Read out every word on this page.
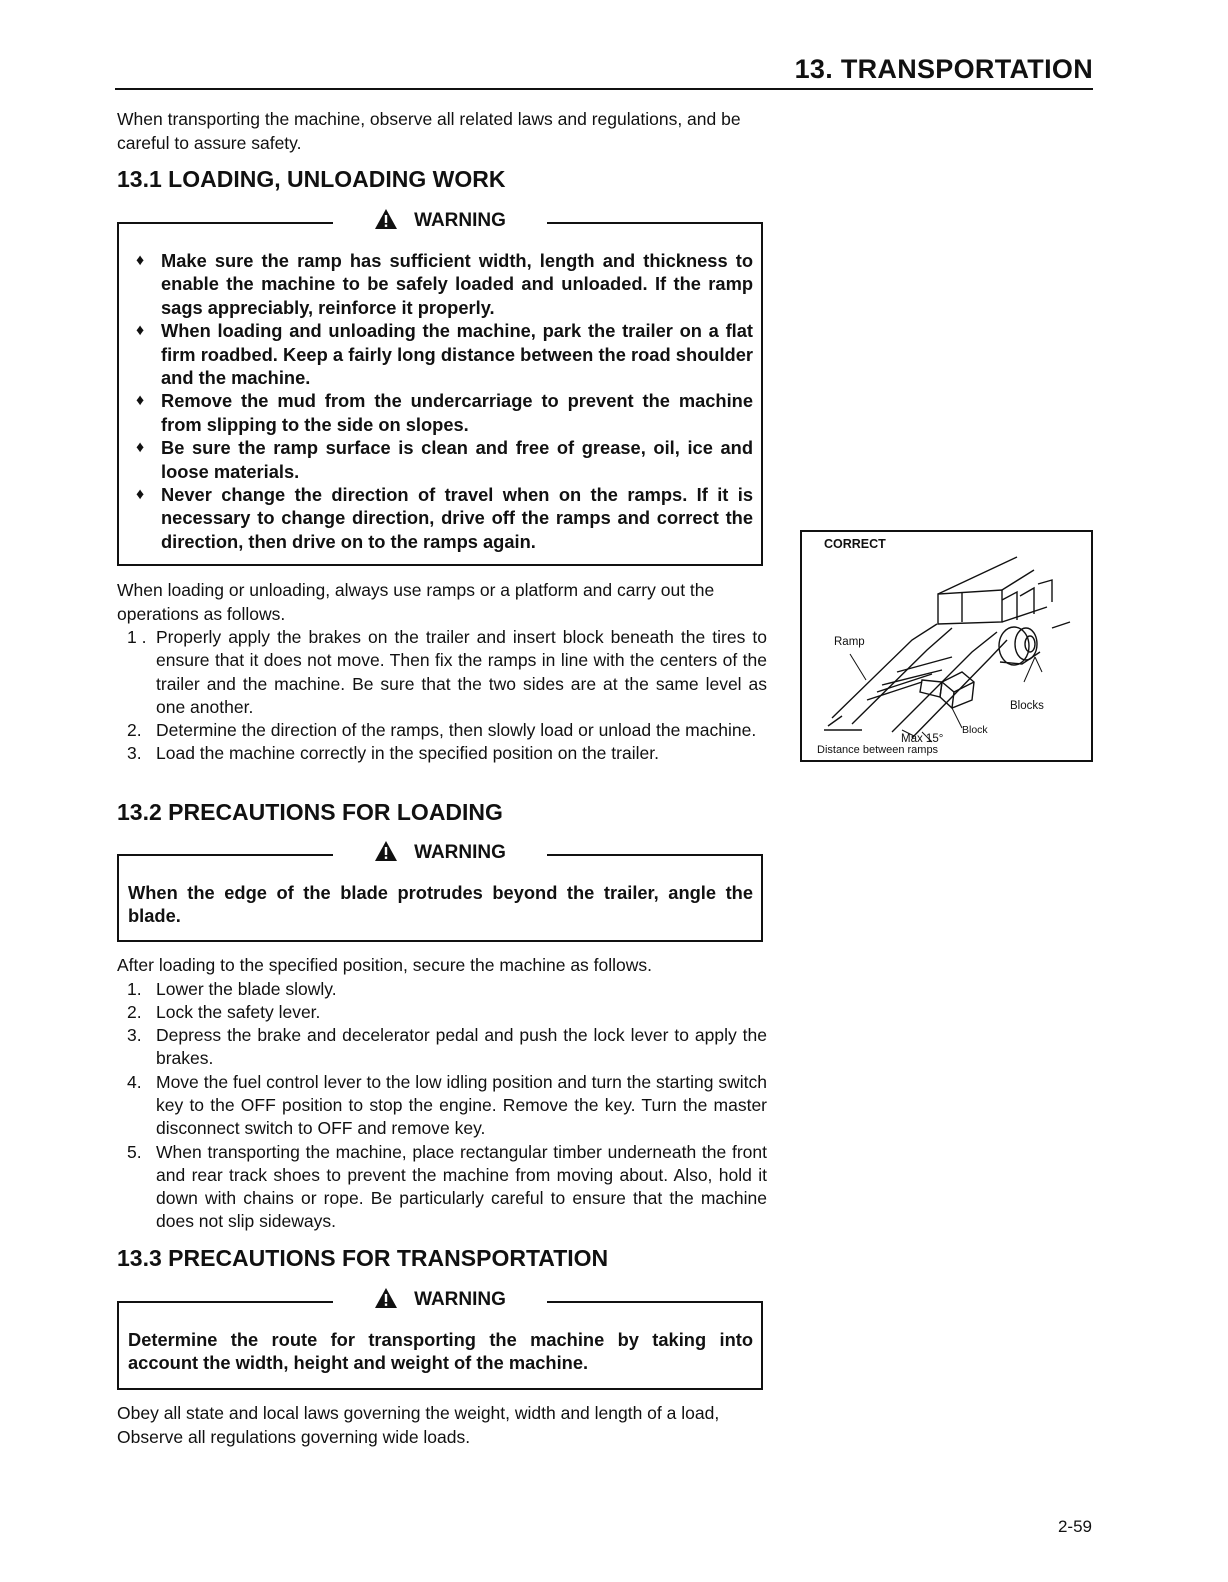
13. TRANSPORTATION

When transporting the machine, observe all related laws and regulations, and be careful to assure safety.

13.1 LOADING, UNLOADING WORK
WARNING
♦ Make sure the ramp has sufficient width, length and thickness to enable the machine to be safely loaded and unloaded. If the ramp sags appreciably, reinforce it properly.
♦ When loading and unloading the machine, park the trailer on a flat firm roadbed. Keep a fairly long distance between the road shoulder and the machine.
♦ Remove the mud from the undercarriage to prevent the machine from slipping to the side on slopes.
♦ Be sure the ramp surface is clean and free of grease, oil, ice and loose materials.
♦ Never change the direction of travel when on the ramps. If it is necessary to change direction, drive off the ramps and correct the direction, then drive on to the ramps again.

When loading or unloading, always use ramps or a platform and carry out the operations as follows.

1 . Properly apply the brakes on the trailer and insert block beneath the tires to ensure that it does not move. Then fix the ramps in line with the centers of the trailer and the machine. Be sure that the two sides are at the same level as one another.
2. Determine the direction of the ramps, then slowly load or unload the machine.
3. Load the machine correctly in the specified position on the trailer.
CORRECT
Ramp
Blocks
Block
Max 15°
Distance between ramps
13.2 PRECAUTIONS FOR LOADING
WARNING

When the edge of the blade protrudes beyond the trailer, angle the blade.

After loading to the specified position, secure the machine as follows.

1. Lower the blade slowly.
2. Lock the safety lever.
3. Depress the brake and decelerator pedal and push the lock lever to apply the brakes.
4. Move the fuel control lever to the low idling position and turn the starting switch key to the OFF position to stop the engine. Remove the key. Turn the master disconnect switch to OFF and remove key.
5. When transporting the machine, place rectangular timber underneath the front and rear track shoes to prevent the machine from moving about. Also, hold it down with chains or rope. Be particularly careful to ensure that the machine does not slip sideways.
13.3 PRECAUTIONS FOR TRANSPORTATION
WARNING

Determine the route for transporting the machine by taking into account the width, height and weight of the machine.

Obey all state and local laws governing the weight, width and length of a load, Observe all regulations governing wide loads.

2-59
